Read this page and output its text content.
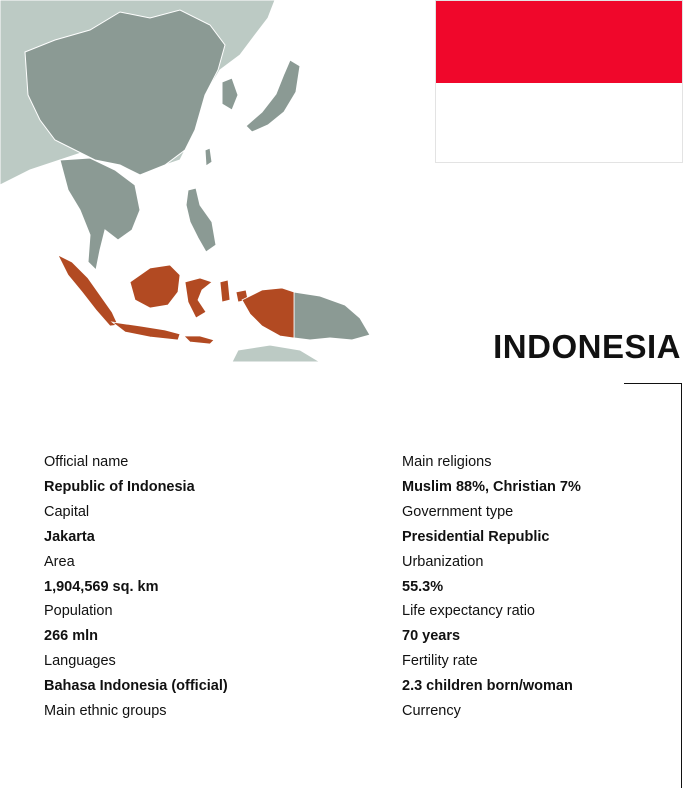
INDONESIA
Official name
Republic of Indonesia
Capital
Jakarta
Area
1,904,569 sq. km
Population
266 mln
Languages
Bahasa Indonesia (official)
Main ethnic groups
Main religions
Muslim 88%, Christian 7%
Government type
Presidential Republic
Urbanization
55.3%
Life expectancy ratio
70 years
Fertility rate
2.3 children born/woman
Currency
